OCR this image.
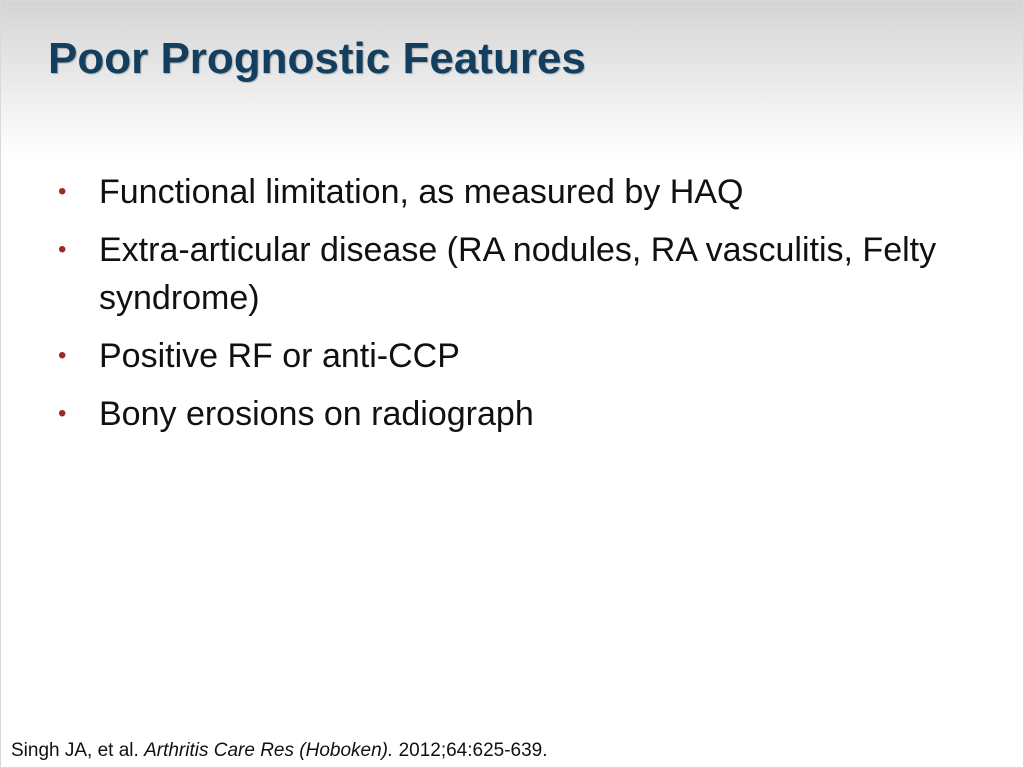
Poor Prognostic Features
• Functional limitation, as measured by HAQ
• Extra-articular disease (RA nodules, RA vasculitis, Felty syndrome)
• Positive RF or anti-CCP
• Bony erosions on radiograph

Singh JA, et al. Arthritis Care Res (Hoboken). 2012;64:625-639.
